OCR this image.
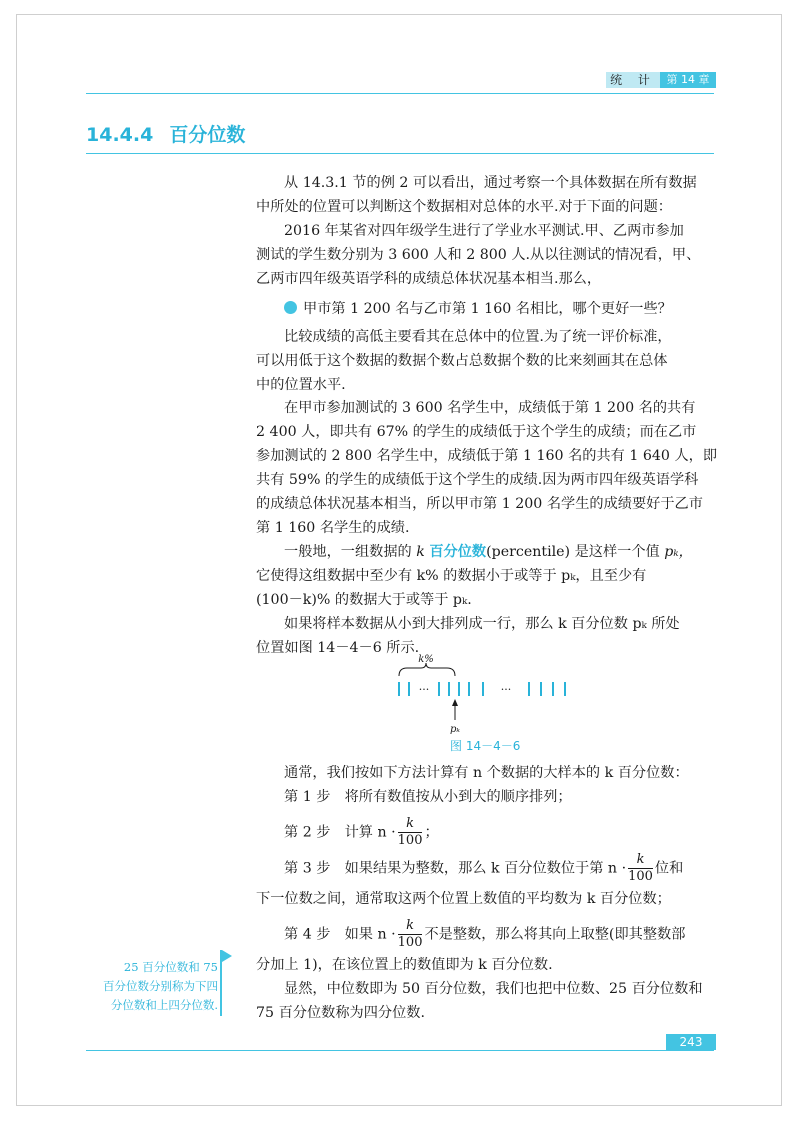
统 计 第 14 章
14.4.4 百分位数
从 14.3.1 节的例 2 可以看出，通过考察一个具体数据在所有数据
中所处的位置可以判断这个数据相对总体的水平.对于下面的问题：
2016 年某省对四年级学生进行了学业水平测试.甲、乙两市参加
测试的学生数分别为 3 600 人和 2 800 人.从以往测试的情况看，甲、
乙两市四年级英语学科的成绩总体状况基本相当.那么，
甲市第 1 200 名与乙市第 1 160 名相比，哪个更好一些？
比较成绩的高低主要看其在总体中的位置.为了统一评价标准，
可以用低于这个数据的数据个数占总数据个数的比来刻画其在总体
中的位置水平.
在甲市参加测试的 3 600 名学生中，成绩低于第 1 200 名的共有
2 400 人，即共有 67% 的学生的成绩低于这个学生的成绩；而在乙市
参加测试的 2 800 名学生中，成绩低于第 1 160 名的共有 1 640 人，即
共有 59% 的学生的成绩低于这个学生的成绩.因为两市四年级英语学科
的成绩总体状况基本相当，所以甲市第 1 200 名学生的成绩要好于乙市
第 1 160 名学生的成绩.
一般地，一组数据的 k 百分位数(percentile) 是这样一个值 pₖ，
它使得这组数据中至少有 k% 的数据小于或等于 pₖ，且至少有
(100－k)% 的数据大于或等于 pₖ.
如果将样本数据从小到大排列成一行，那么 k 百分位数 pₖ 所处
位置如图 14－4－6 所示.
k%
···	···
pₖ
图 14－4－6
通常，我们按如下方法计算有 n 个数据的大样本的 k 百分位数：
第 1 步　将所有数值按从小到大的顺序排列；
第 2 步　计算 $n \cdot \frac{k}{100}$ ；
第 3 步　如果结果为整数，那么 k 百分位数位于第 $n \cdot \frac{k}{100}$ 位和
下一位数之间，通常取这两个位置上数值的平均数为 k 百分位数；
第 4 步　如果 $n \cdot \frac{k}{100}$ 不是整数，那么将其向上取整(即其整数部
分加上 1)，在该位置上的数值即为 k 百分位数.
显然，中位数即为 50 百分位数，我们也把中位数、25 百分位数和
75 百分位数称为四分位数.
25 百分位数和 75
百分位数分别称为下四
分位数和上四分位数.
243
